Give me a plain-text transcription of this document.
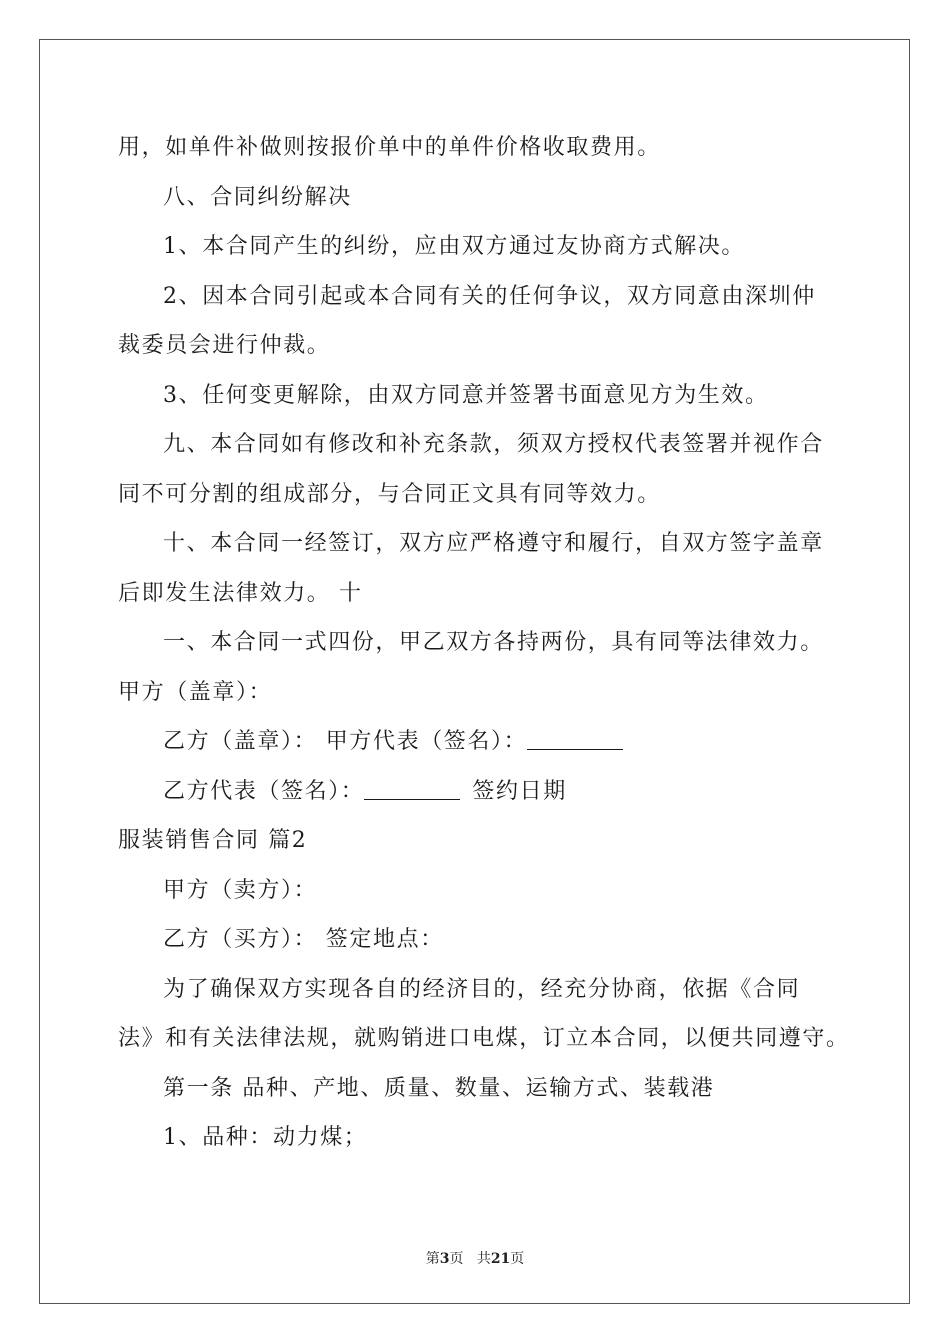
用，如单件补做则按报价单中的单件价格收取费用。
八、合同纠纷解决
1、本合同产生的纠纷，应由双方通过友协商方式解决。
2、因本合同引起或本合同有关的任何争议，双方同意由深圳仲
裁委员会进行仲裁。
3、任何变更解除，由双方同意并签署书面意见方为生效。
九、本合同如有修改和补充条款，须双方授权代表签署并视作合
同不可分割的组成部分，与合同正文具有同等效力。
十、本合同一经签订，双方应严格遵守和履行，自双方签字盖章
后即发生法律效力。 十
一、本合同一式四份，甲乙双方各持两份，具有同等法律效力。
甲方（盖章）：
乙方（盖章）： 甲方代表（签名）：
乙方代表（签名）：	签约日期
服装销售合同 篇2
甲方（卖方）：
乙方（买方）： 签定地点：
为了确保双方实现各自的经济目的，经充分协商，依据《合同
法》和有关法律法规，就购销进口电煤，订立本合同，以便共同遵守。
第一条 品种、产地、质量、数量、运输方式、装载港
1、品种：动力煤；
第3页 共21页
